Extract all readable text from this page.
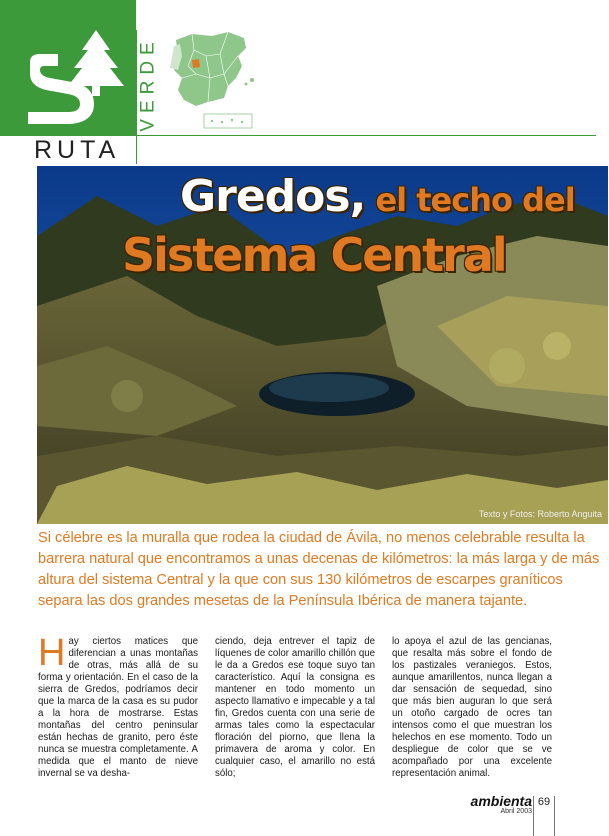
VERDE
RUTA
Texto y Fotos: Roberto Anguita
Gredos, el techo del
Sistema Central

Si célebre es la muralla que rodea la ciudad de Ávila, no menos celebrable resulta la barrera natural que encontramos a unas decenas de kilómetros: la más larga y de más altura del sistema Central y la que con sus 130 kilómetros de escarpes graníticos separa las dos grandes mesetas de la Península Ibérica de manera tajante.

Hay ciertos matices que diferencian a unas montañas de otras, más allá de su forma y orientación. En el caso de la sierra de Gredos, podríamos decir que la marca de la casa es su pudor a la hora de mostrarse. Estas montañas del centro peninsular están hechas de granito, pero éste nunca se muestra completamente. A medida que el manto de nieve invernal se va desha-

ciendo, deja entrever el tapiz de líquenes de color amarillo chillón que le da a Gredos ese toque suyo tan característico. Aquí la consigna es mantener en todo momento un aspecto llamativo e impecable y a tal fin, Gredos cuenta con una serie de armas tales como la espectacular floración del piorno, que llena la primavera de aroma y color. En cualquier caso, el amarillo no está sólo;

lo apoya el azul de las gencianas, que resalta más sobre el fondo de los pastizales veraniegos. Estos, aunque amarillentos, nunca llegan a dar sensación de sequedad, sino que más bien auguran lo que será un otoño cargado de ocres tan intensos como el que muestran los helechos en ese momento. Todo un despliegue de color que se ve acompañado por una excelente representación animal.

ambienta
Abril 2003
69
